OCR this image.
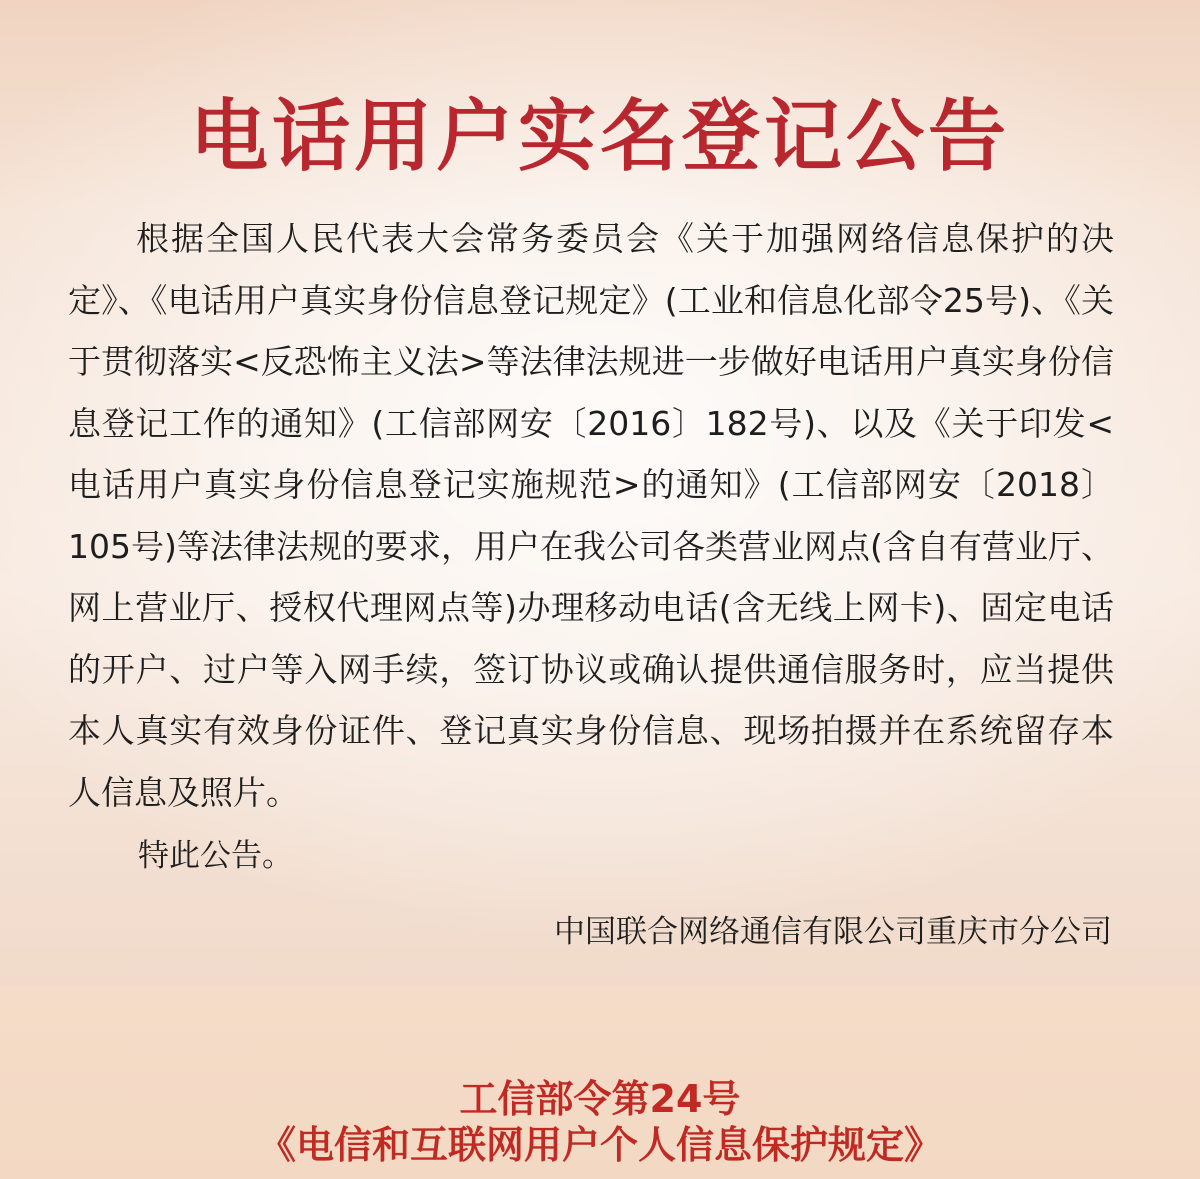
电话用户实名登记公告

根据全国人民代表大会常务委员会《关于加强网络信息保护的决定》、《电话用户真实身份信息登记规定》(工业和信息化部令25号)、《关于贯彻落实<反恐怖主义法>等法律法规进一步做好电话用户真实身份信息登记工作的通知》(工信部网安〔2016〕182号)、以及《关于印发<电话用户真实身份信息登记实施规范>的通知》(工信部网安〔2018〕105号)等法律法规的要求，用户在我公司各类营业网点(含自有营业厅、网上营业厅、授权代理网点等)办理移动电话(含无线上网卡)、固定电话的开户、过户等入网手续，签订协议或确认提供通信服务时，应当提供本人真实有效身份证件、登记真实身份信息、现场拍摄并在系统留存本人信息及照片。

特此公告。

中国联合网络通信有限公司重庆市分公司

工信部令第24号

《电信和互联网用户个人信息保护规定》
